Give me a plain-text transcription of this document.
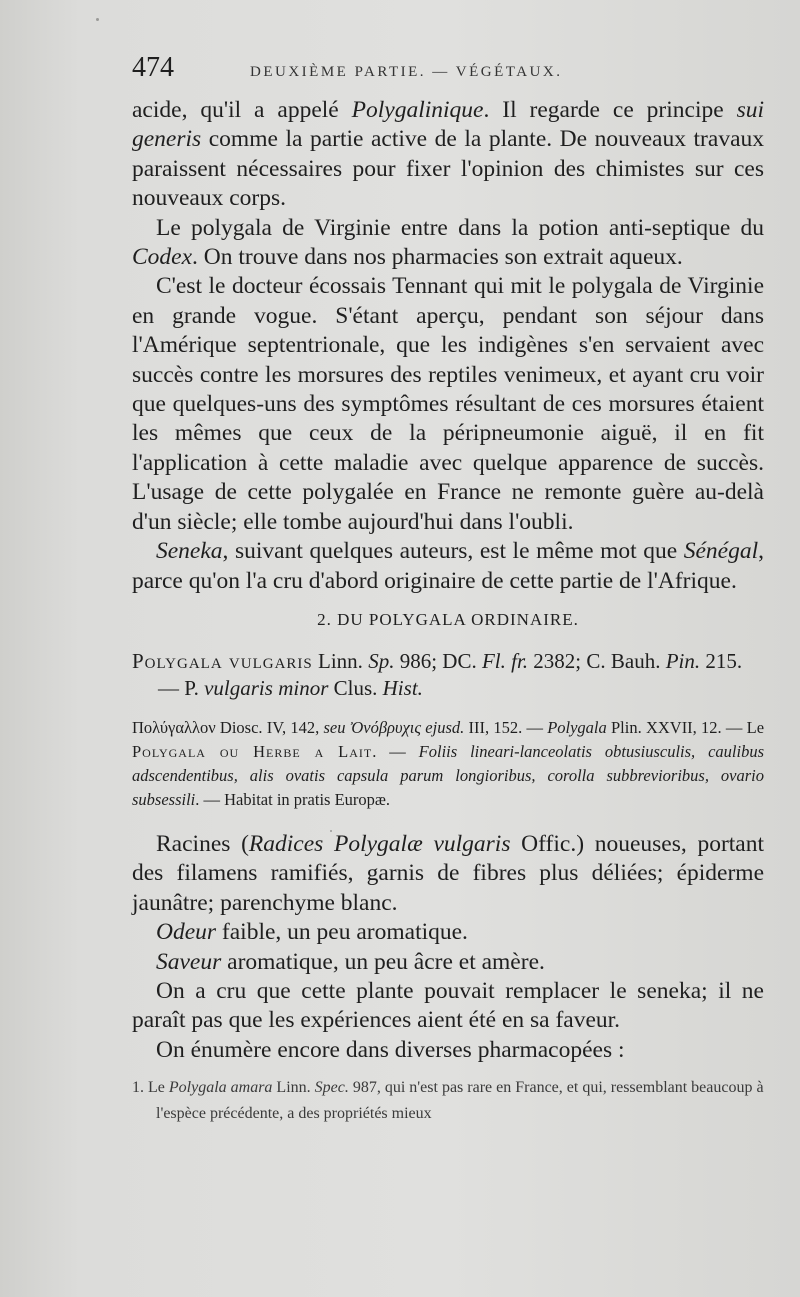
474	DEUXIÈME PARTIE. — VÉGÉTAUX.

acide, qu'il a appelé Polygalinique. Il regarde ce principe sui generis comme la partie active de la plante. De nouveaux travaux paraissent nécessaires pour fixer l'opinion des chimistes sur ces nouveaux corps.

Le polygala de Virginie entre dans la potion anti-septique du Codex. On trouve dans nos pharmacies son extrait aqueux.

C'est le docteur écossais Tennant qui mit le polygala de Virginie en grande vogue. S'étant aperçu, pendant son séjour dans l'Amérique septentrionale, que les indigènes s'en servaient avec succès contre les morsures des reptiles venimeux, et ayant cru voir que quelques-uns des symptômes résultant de ces morsures étaient les mêmes que ceux de la péripneumonie aiguë, il en fit l'application à cette maladie avec quelque apparence de succès. L'usage de cette polygalée en France ne remonte guère au-delà d'un siècle; elle tombe aujourd'hui dans l'oubli.

Seneka, suivant quelques auteurs, est le même mot que Sénégal, parce qu'on l'a cru d'abord originaire de cette partie de l'Afrique.

2. DU POLYGALA ORDINAIRE.

Polygala vulgaris Linn. Sp. 986; DC. Fl. fr. 2382; C. Bauh. Pin. 215. — P. vulgaris minor Clus. Hist.

Πολύγαλλον Diosc. IV, 142, seu Ὀνόβρυχις ejusd. III, 152. — Polygala Plin. XXVII, 12. — Le Polygala ou Herbe a Lait. — Foliis lineari-lanceolatis obtusiusculis, caulibus adscendentibus, alis ovatis capsula parum longioribus, corolla subbrevioribus, ovario subsessili. — Habitat in pratis Europæ.

Racines (Radices Polygalæ vulgaris Offic.) noueuses, portant des filamens ramifiés, garnis de fibres plus déliées; épiderme jaunâtre; parenchyme blanc.

Odeur faible, un peu aromatique.

Saveur aromatique, un peu âcre et amère.

On a cru que cette plante pouvait remplacer le seneka; il ne paraît pas que les expériences aient été en sa faveur.

On énumère encore dans diverses pharmacopées :

1. Le Polygala amara Linn. Spec. 987, qui n'est pas rare en France, et qui, ressemblant beaucoup à l'espèce précédente, a des propriétés mieux
